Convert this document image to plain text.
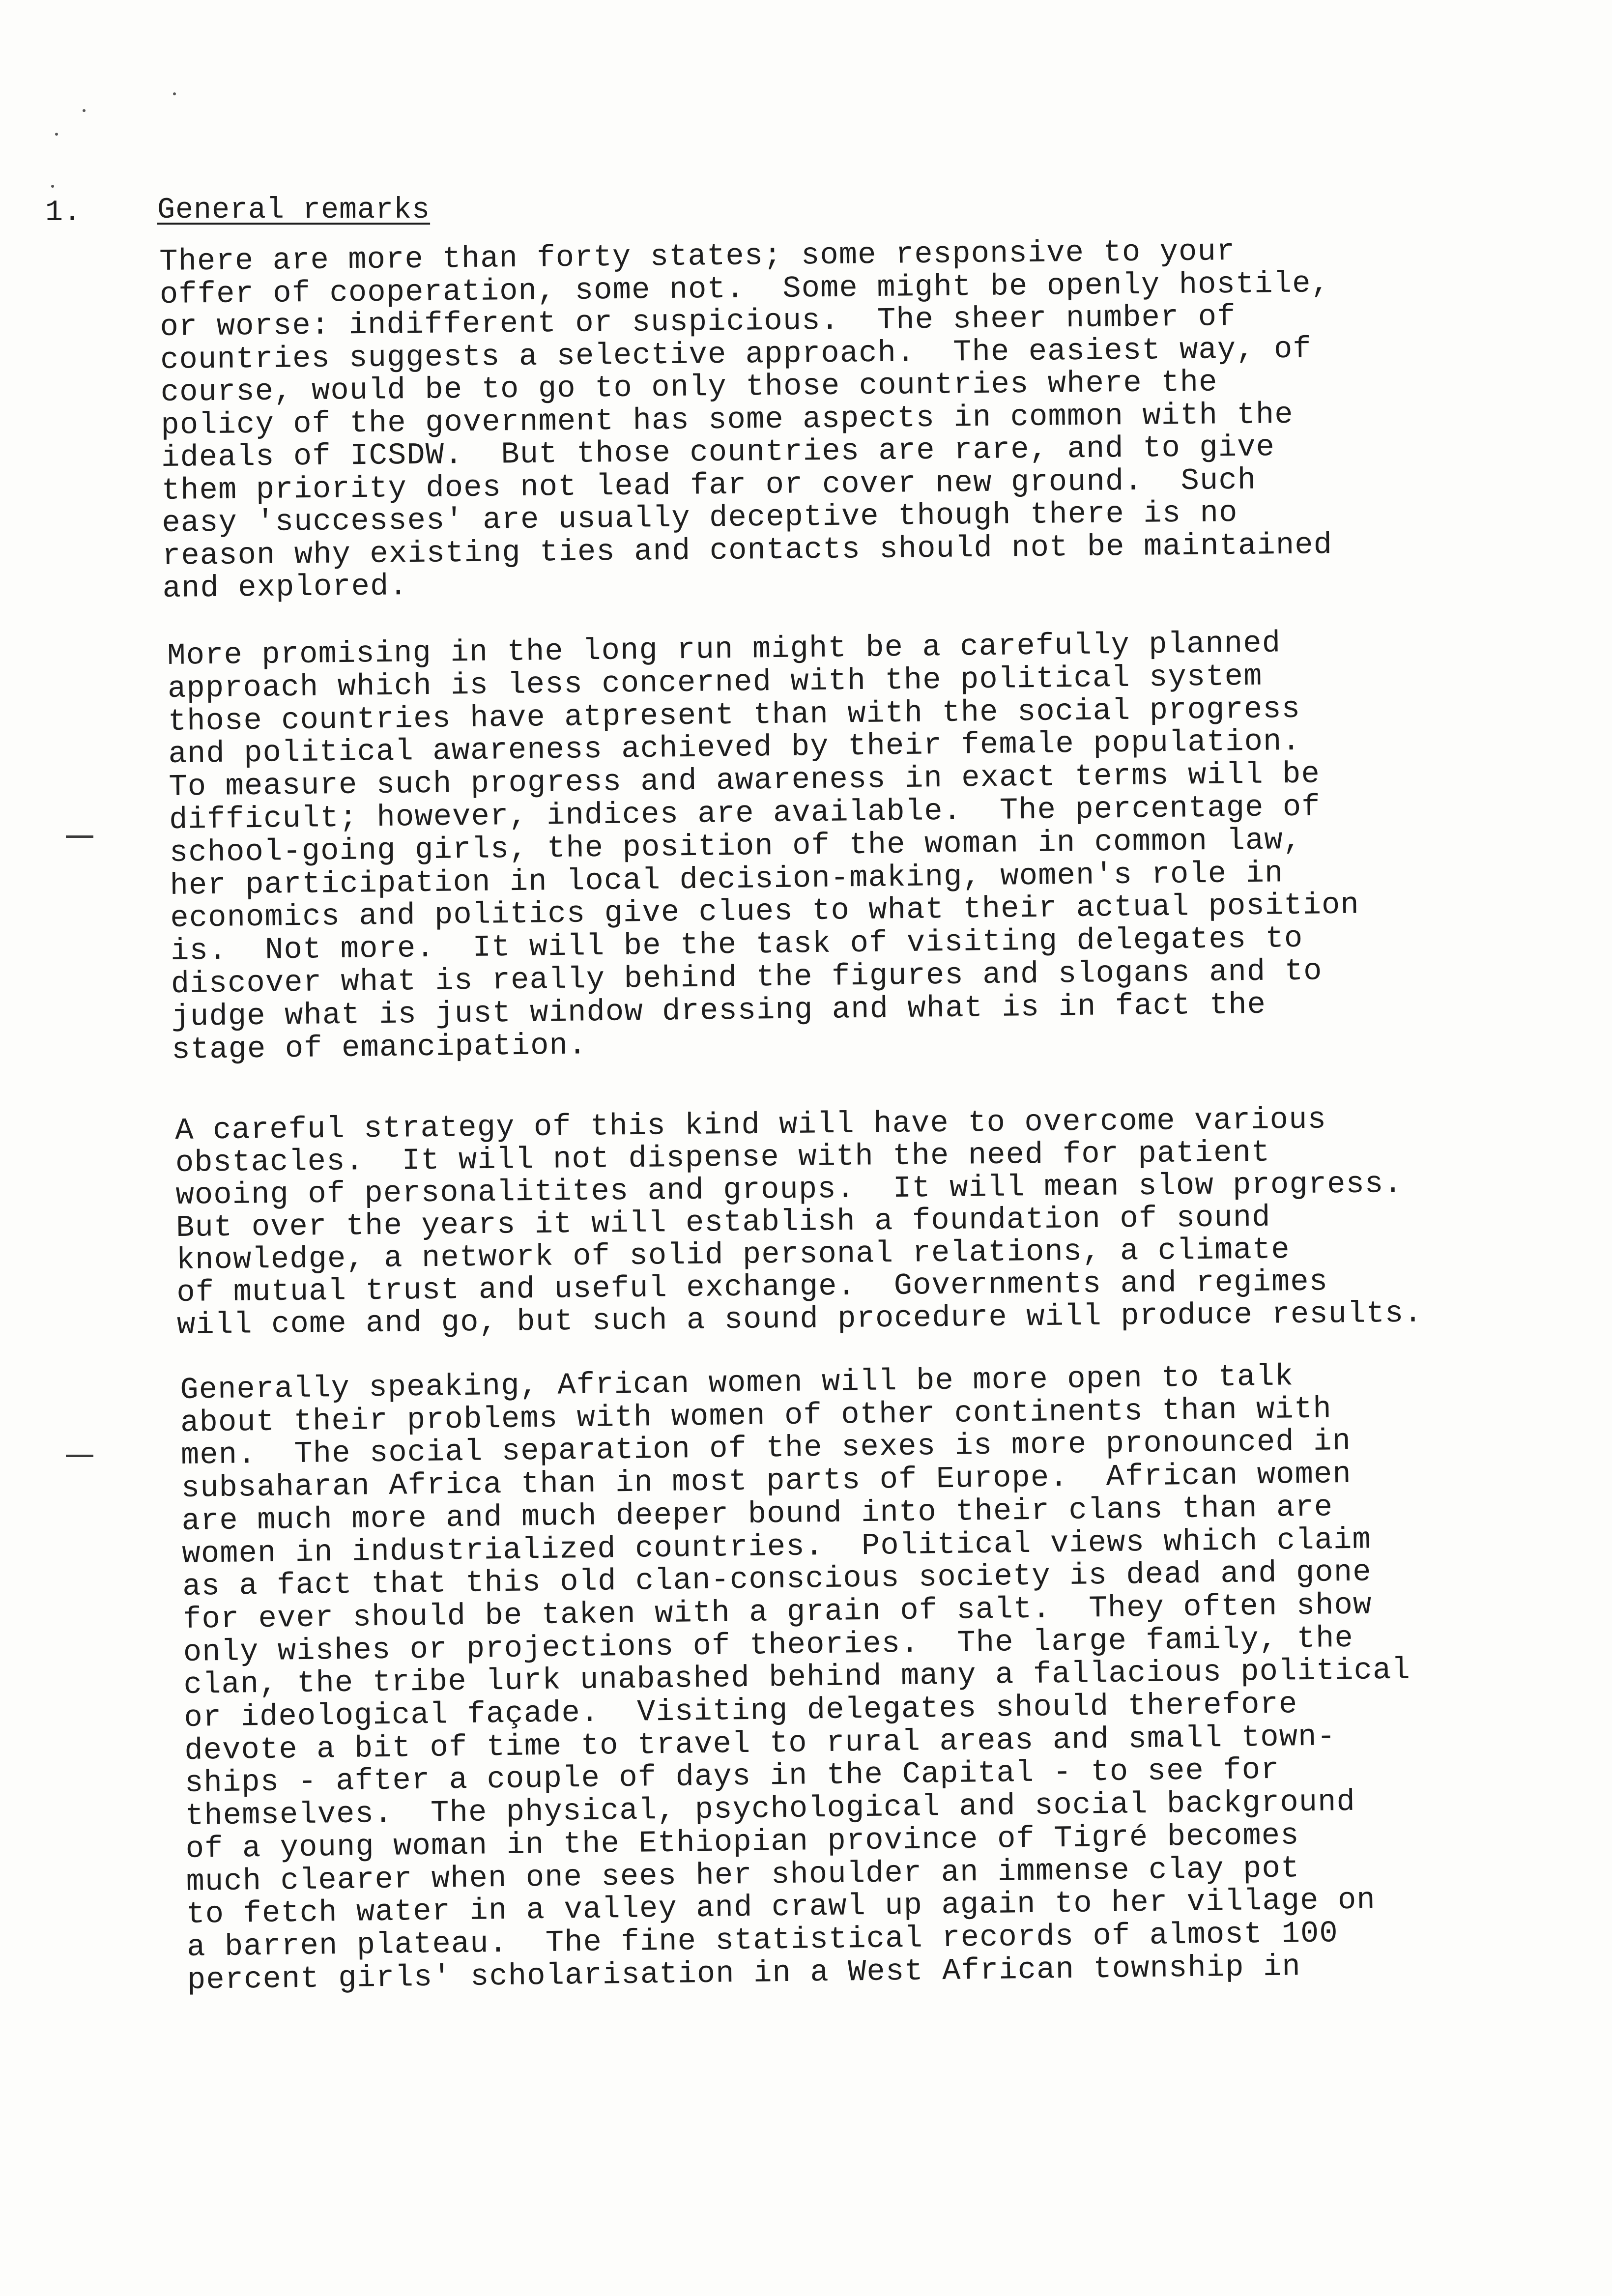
1.	General remarks

There are more than forty states; some responsive to your
offer of cooperation, some not.  Some might be openly hostile,
or worse: indifferent or suspicious.  The sheer number of
countries suggests a selective approach.  The easiest way, of
course, would be to go to only those countries where the
policy of the government has some aspects in common with the
ideals of ICSDW.  But those countries are rare, and to give
them priority does not lead far or cover new ground.  Such
easy 'successes' are usually deceptive though there is no
reason why existing ties and contacts should not be maintained
and explored.

More promising in the long run might be a carefully planned
approach which is less concerned with the political system
those countries have atpresent than with the social progress
and political awareness achieved by their female population.
To measure such progress and awareness in exact terms will be
difficult; however, indices are available.  The percentage of
school-going girls, the position of the woman in common law,
her participation in local decision-making, women's role in
economics and politics give clues to what their actual position
is.  Not more.  It will be the task of visiting delegates to
discover what is really behind the figures and slogans and to
judge what is just window dressing and what is in fact the
stage of emancipation.

A careful strategy of this kind will have to overcome various
obstacles.  It will not dispense with the need for patient
wooing of personalitites and groups.  It will mean slow progress.
But over the years it will establish a foundation of sound
knowledge, a network of solid personal relations, a climate
of mutual trust and useful exchange.  Governments and regimes
will come and go, but such a sound procedure will produce results.

Generally speaking, African women will be more open to talk
about their problems with women of other continents than with
men.  The social separation of the sexes is more pronounced in
subsaharan Africa than in most parts of Europe.  African women
are much more and much deeper bound into their clans than are
women in industrialized countries.  Political views which claim
as a fact that this old clan-conscious society is dead and gone
for ever should be taken with a grain of salt.  They often show
only wishes or projections of theories.  The large family, the
clan, the tribe lurk unabashed behind many a fallacious political
or ideological façade.  Visiting delegates should therefore
devote a bit of time to travel to rural areas and small town-
ships - after a couple of days in the Capital - to see for
themselves.  The physical, psychological and social background
of a young woman in the Ethiopian province of Tigré becomes
much clearer when one sees her shoulder an immense clay pot
to fetch water in a valley and crawl up again to her village on
a barren plateau.  The fine statistical records of almost 100
percent girls' scholarisation in a West African township in
